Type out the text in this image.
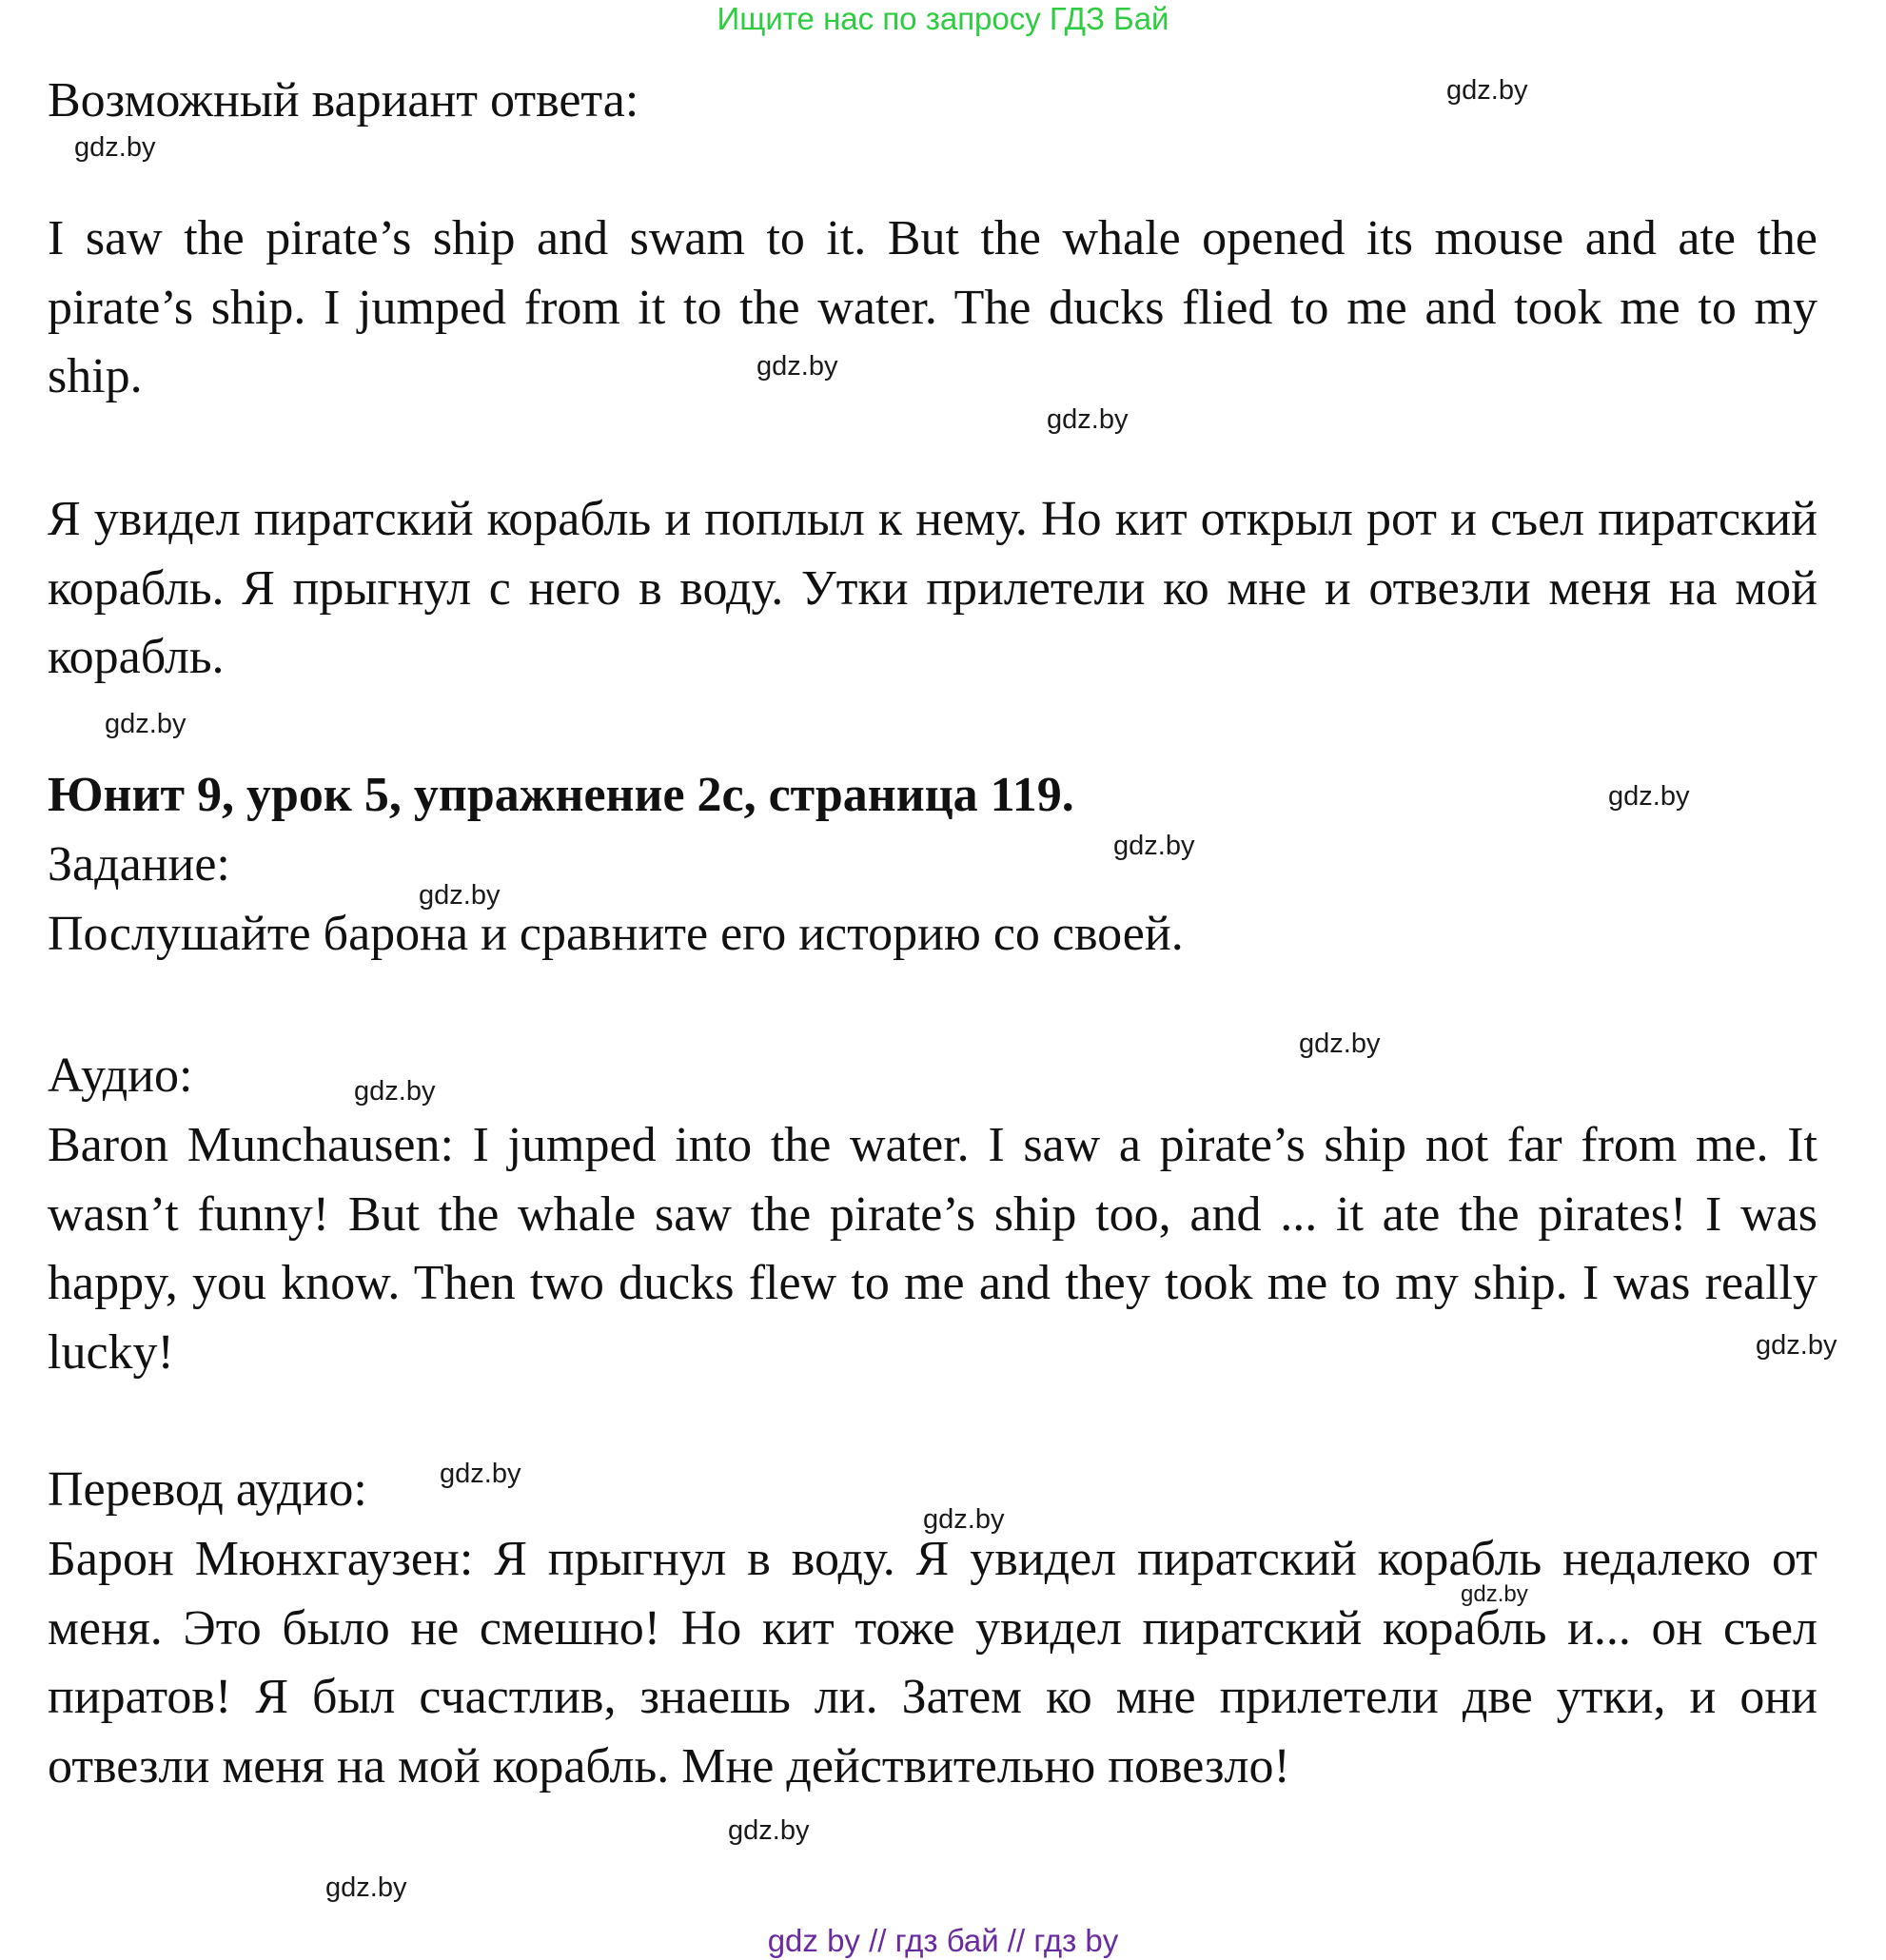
Ищите нас по запросу ГДЗ Бай
Возможный вариант ответа:
I saw the pirate’s ship and swam to it. But the whale opened its mouse and ate the pirate’s ship. I jumped from it to the water. The ducks flied to me and took me to my ship.
Я увидел пиратский корабль и поплыл к нему. Но кит открыл рот и съел пиратский корабль. Я прыгнул с него в воду. Утки прилетели ко мне и отвезли меня на мой корабль.
Юнит 9, урок 5, упражнение 2c, страница 119.
Задание:
Послушайте барона и сравните его историю со своей.
Аудио:
Baron Munchausen: I jumped into the water. I saw a pirate’s ship not far from me. It wasn’t funny! But the whale saw the pirate’s ship too, and ... it ate the pirates! I was happy, you know. Then two ducks flew to me and they took me to my ship. I was really lucky!
Перевод аудио:
Барон Мюнхгаузен: Я прыгнул в воду. Я увидел пиратский корабль недалеко от меня. Это было не смешно! Но кит тоже увидел пиратский корабль и... он съел пиратов! Я был счастлив, знаешь ли. Затем ко мне прилетели две утки, и они отвезли меня на мой корабль. Мне действительно повезло!
gdz.by
gdz.by
gdz.by
gdz.by
gdz.by
gdz.by
gdz.by
gdz.by
gdz.by
gdz.by
gdz.by
gdz.by
gdz.by
gdz.by
gdz.by
gdz.by
gdz by // гдз бай // гдз by
